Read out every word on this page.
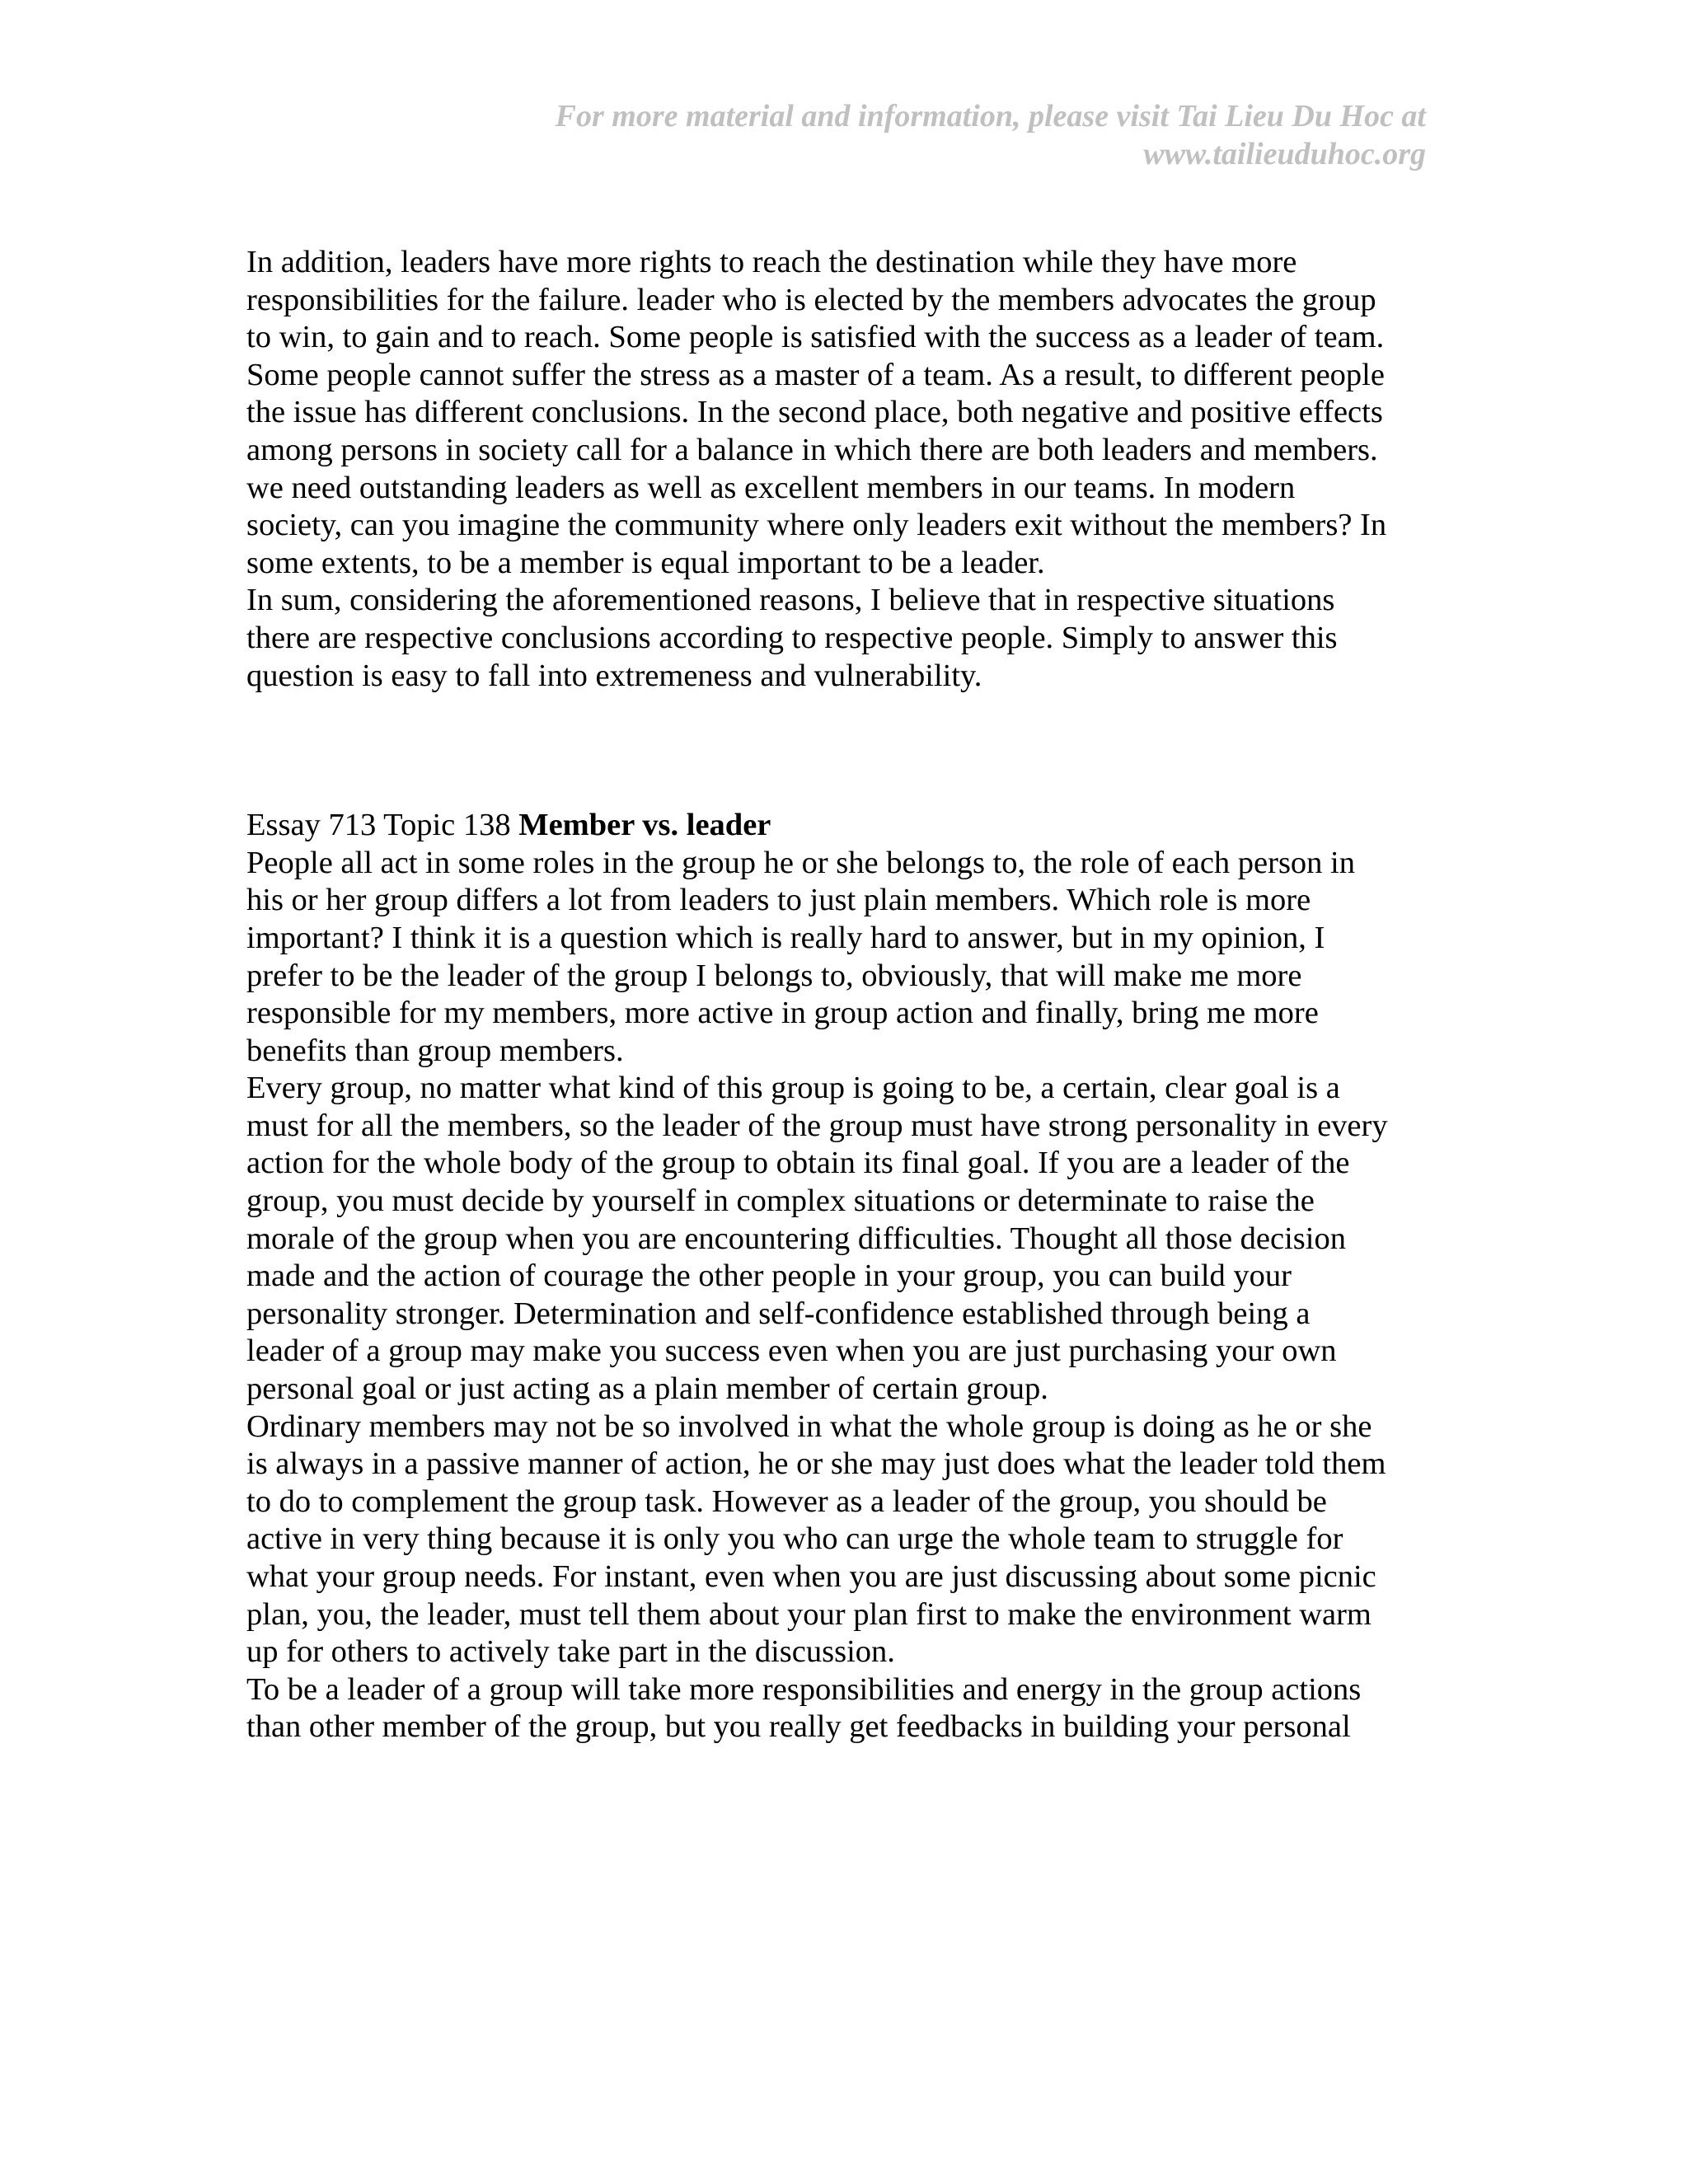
For more material and information, please visit Tai Lieu Du Hoc at
www.tailieuduhoc.org

In addition, leaders have more rights to reach the destination while they have more
responsibilities for the failure. leader who is elected by the members advocates the group
to win, to gain and to reach. Some people is satisfied with the success as a leader of team.
Some people cannot suffer the stress as a master of a team. As a result, to different people
the issue has different conclusions. In the second place, both negative and positive effects
among persons in society call for a balance in which there are both leaders and members.
we need outstanding leaders as well as excellent members in our teams. In modern
society, can you imagine the community where only leaders exit without the members? In
some extents, to be a member is equal important to be a leader.

In sum, considering the aforementioned reasons, I believe that in respective situations
there are respective conclusions according to respective people. Simply to answer this
question is easy to fall into extremeness and vulnerability.

Essay 713 Topic 138 Member vs. leader

People all act in some roles in the group he or she belongs to, the role of each person in
his or her group differs a lot from leaders to just plain members. Which role is more
important? I think it is a question which is really hard to answer, but in my opinion, I
prefer to be the leader of the group I belongs to, obviously, that will make me more
responsible for my members, more active in group action and finally, bring me more
benefits than group members.

Every group, no matter what kind of this group is going to be, a certain, clear goal is a
must for all the members, so the leader of the group must have strong personality in every
action for the whole body of the group to obtain its final goal. If you are a leader of the
group, you must decide by yourself in complex situations or determinate to raise the
morale of the group when you are encountering difficulties. Thought all those decision
made and the action of courage the other people in your group, you can build your
personality stronger. Determination and self-confidence established through being a
leader of a group may make you success even when you are just purchasing your own
personal goal or just acting as a plain member of certain group.

Ordinary members may not be so involved in what the whole group is doing as he or she
is always in a passive manner of action, he or she may just does what the leader told them
to do to complement the group task. However as a leader of the group, you should be
active in very thing because it is only you who can urge the whole team to struggle for
what your group needs. For instant, even when you are just discussing about some picnic
plan, you, the leader, must tell them about your plan first to make the environment warm
up for others to actively take part in the discussion.

To be a leader of a group will take more responsibilities and energy in the group actions
than other member of the group, but you really get feedbacks in building your personal
